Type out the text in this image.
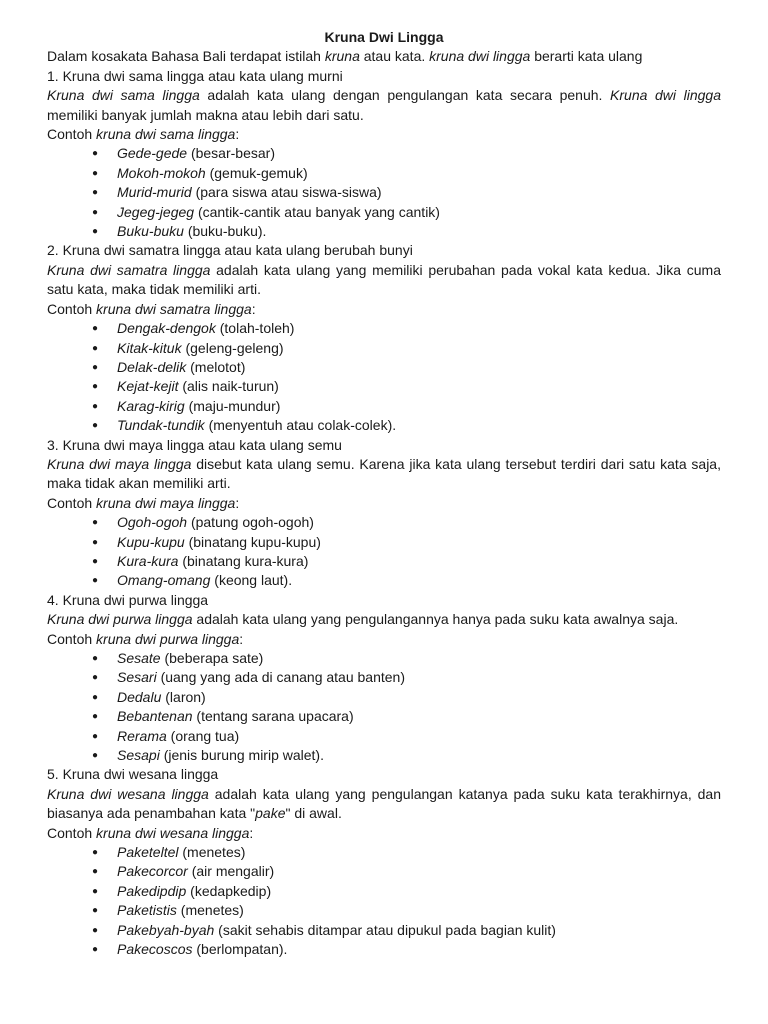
Kruna Dwi Lingga

Dalam kosakata Bahasa Bali terdapat istilah kruna atau kata. kruna dwi lingga berarti kata ulang

1. Kruna dwi sama lingga atau kata ulang murni

Kruna dwi sama lingga adalah kata ulang dengan pengulangan kata secara penuh. Kruna dwi lingga memiliki banyak jumlah makna atau lebih dari satu.

Contoh kruna dwi sama lingga:

● Gede-gede (besar-besar)
● Mokoh-mokoh (gemuk-gemuk)
● Murid-murid (para siswa atau siswa-siswa)
● Jegeg-jegeg (cantik-cantik atau banyak yang cantik)
● Buku-buku (buku-buku).

2. Kruna dwi samatra lingga atau kata ulang berubah bunyi

Kruna dwi samatra lingga adalah kata ulang yang memiliki perubahan pada vokal kata kedua. Jika cuma satu kata, maka tidak memiliki arti.

Contoh kruna dwi samatra lingga:

● Dengak-dengok (tolah-toleh)
● Kitak-kituk (geleng-geleng)
● Delak-delik (melotot)
● Kejat-kejit (alis naik-turun)
● Karag-kirig (maju-mundur)
● Tundak-tundik (menyentuh atau colak-colek).

3. Kruna dwi maya lingga atau kata ulang semu

Kruna dwi maya lingga disebut kata ulang semu. Karena jika kata ulang tersebut terdiri dari satu kata saja, maka tidak akan memiliki arti.

Contoh kruna dwi maya lingga:

● Ogoh-ogoh (patung ogoh-ogoh)
● Kupu-kupu (binatang kupu-kupu)
● Kura-kura (binatang kura-kura)
● Omang-omang (keong laut).

4. Kruna dwi purwa lingga

Kruna dwi purwa lingga adalah kata ulang yang pengulangannya hanya pada suku kata awalnya saja.

Contoh kruna dwi purwa lingga:

● Sesate (beberapa sate)
● Sesari (uang yang ada di canang atau banten)
● Dedalu (laron)
● Bebantenan (tentang sarana upacara)
● Rerama (orang tua)
● Sesapi (jenis burung mirip walet).

5. Kruna dwi wesana lingga

Kruna dwi wesana lingga adalah kata ulang yang pengulangan katanya pada suku kata terakhirnya, dan biasanya ada penambahan kata "pake" di awal.

Contoh kruna dwi wesana lingga:

● Paketeltel (menetes)
● Pakecorcor (air mengalir)
● Pakedipdip (kedapkedip)
● Paketistis (menetes)
● Pakebyah-byah (sakit sehabis ditampar atau dipukul pada bagian kulit)
● Pakecoscos (berlompatan).
